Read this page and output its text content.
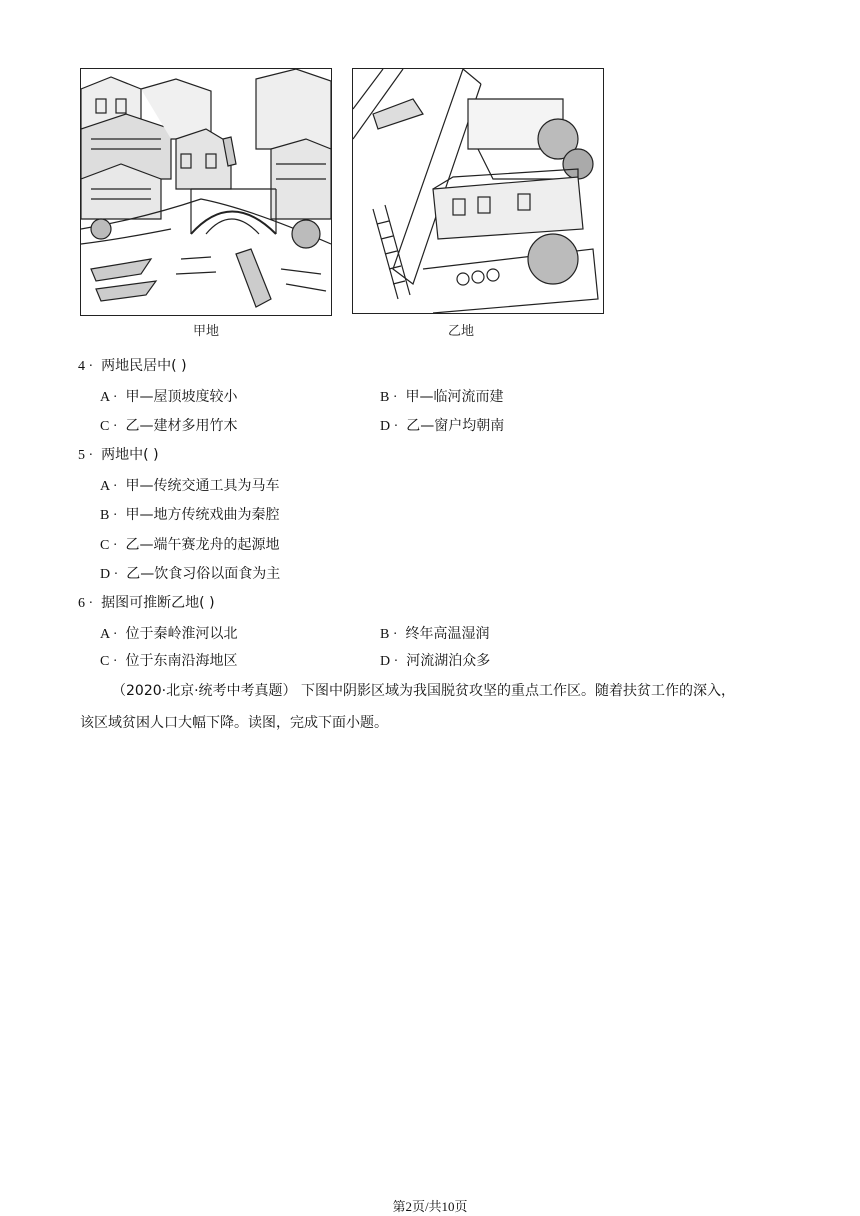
甲地	乙地
4 · 两地民居中( )
A · 甲—屋顶坡度较小	B · 甲—临河流而建
C · 乙—建材多用竹木	D · 乙—窗户均朝南
5 · 两地中( )
A · 甲—传统交通工具为马车
B · 甲—地方传统戏曲为秦腔
C · 乙—端午赛龙舟的起源地
D · 乙—饮食习俗以面食为主
6 · 据图可推断乙地( )
A · 位于秦岭淮河以北	B · 终年高温湿润
C · 位于东南沿海地区	D · 河流湖泊众多
（2020·北京·统考中考真题） 下图中阴影区域为我国脱贫攻坚的重点工作区。随着扶贫工作的深入，
该区域贫困人口大幅下降。读图，完成下面小题。
第2页/共10页
